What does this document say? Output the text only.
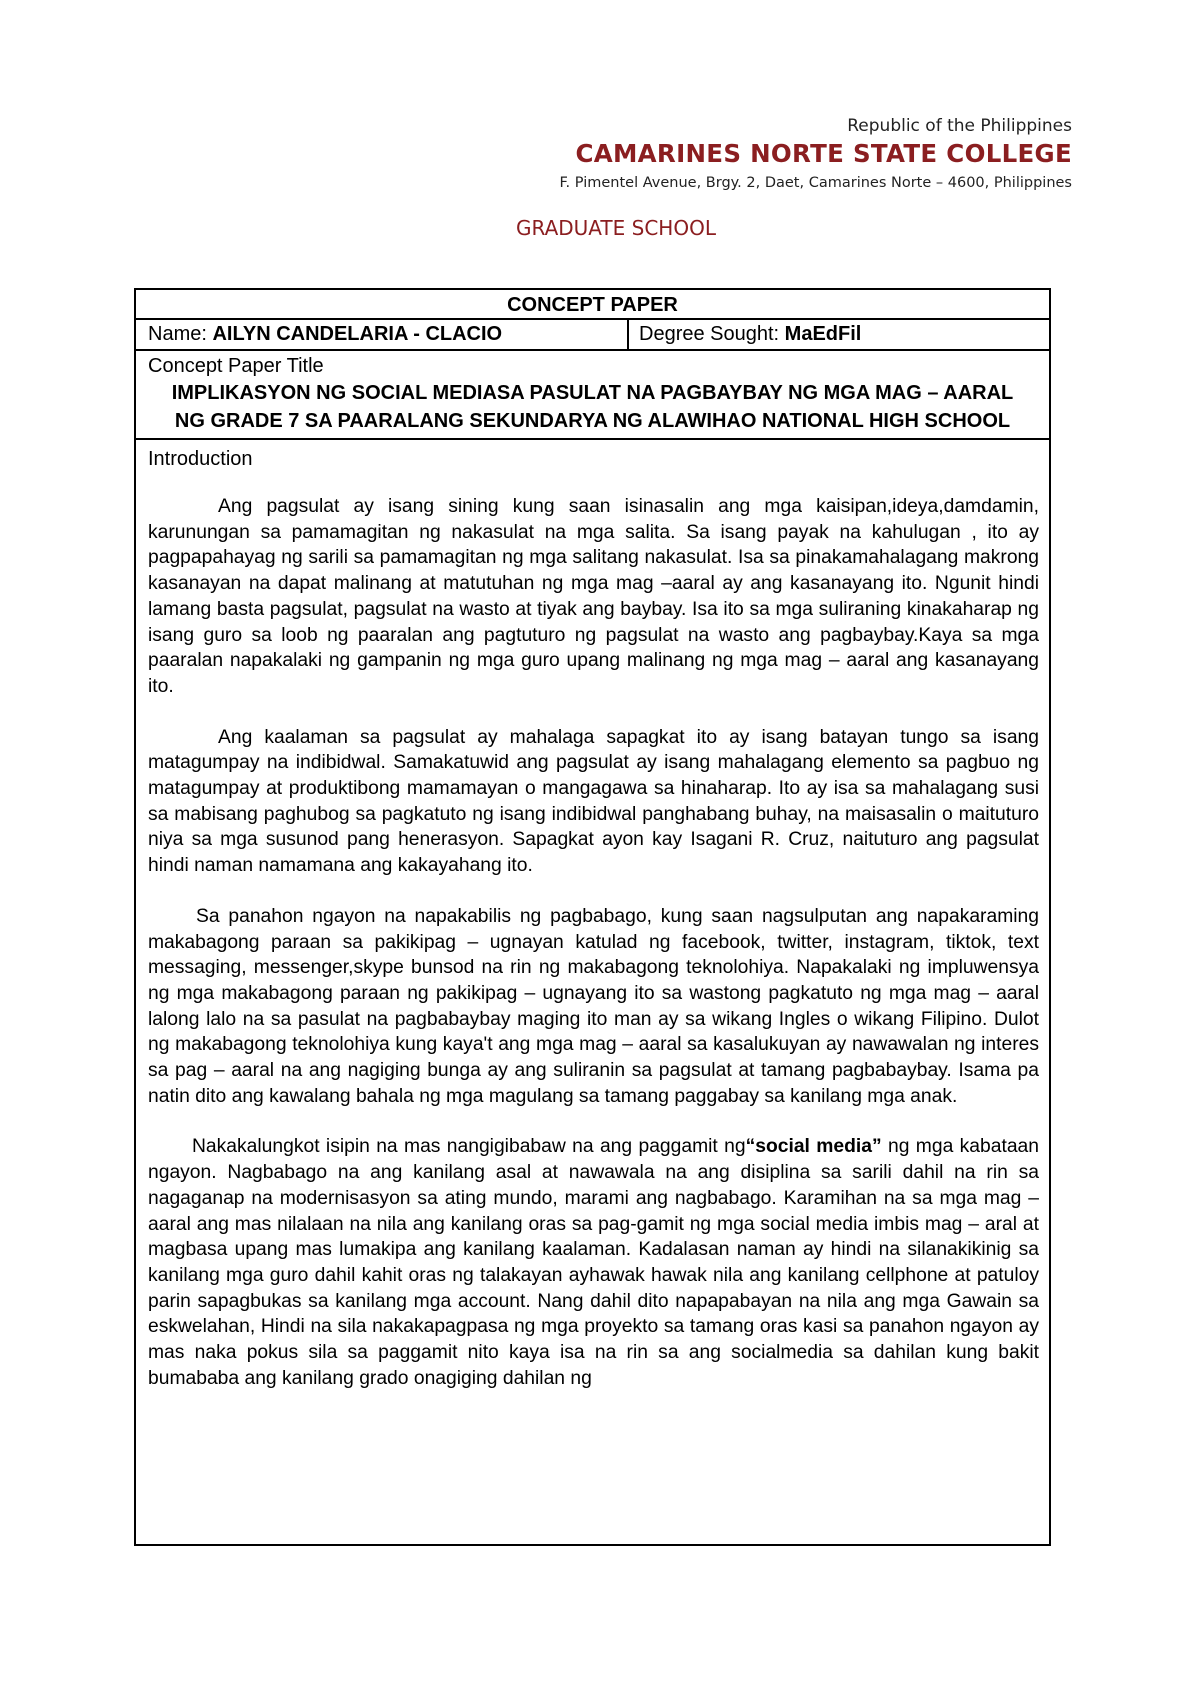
Republic of the Philippines
CAMARINES NORTE STATE COLLEGE
F. Pimentel Avenue, Brgy. 2, Daet, Camarines Norte – 4600, Philippines
GRADUATE SCHOOL
CONCEPT PAPER
Name: AILYN CANDELARIA - CLACIO	Degree Sought: MaEdFil
Concept Paper Title
IMPLIKASYON NG SOCIAL MEDIASA PASULAT NA PAGBAYBAY NG MGA MAG – AARAL NG GRADE 7 SA PAARALANG SEKUNDARYA NG ALAWIHAO NATIONAL HIGH SCHOOL
Introduction

Ang pagsulat ay isang sining kung saan isinasalin ang mga kaisipan,ideya,damdamin, karunungan sa pamamagitan ng nakasulat na mga salita. Sa isang payak na kahulugan , ito ay pagpapahayag ng sarili sa pamamagitan ng mga salitang nakasulat. Isa sa pinakamahalagang makrong kasanayan na dapat malinang at matutuhan ng mga mag –aaral ay ang kasanayang ito. Ngunit hindi lamang basta pagsulat, pagsulat na wasto at tiyak ang baybay. Isa ito sa mga suliraning kinakaharap ng isang guro sa loob ng paaralan ang pagtuturo ng pagsulat na wasto ang pagbaybay.Kaya sa mga paaralan napakalaki ng gampanin ng mga guro upang malinang ng mga mag – aaral ang kasanayang ito.

Ang kaalaman sa pagsulat ay mahalaga sapagkat ito ay isang batayan tungo sa isang matagumpay na indibidwal. Samakatuwid ang pagsulat ay isang mahalagang elemento sa pagbuo ng matagumpay at produktibong mamamayan o mangagawa sa hinaharap. Ito ay isa sa mahalagang susi sa mabisang paghubog sa pagkatuto ng isang indibidwal panghabang buhay, na maisasalin o maituturo niya sa mga susunod pang henerasyon. Sapagkat ayon kay Isagani R. Cruz, naituturo ang pagsulat hindi naman namamana ang kakayahang ito.

Sa panahon ngayon na napakabilis ng pagbabago, kung saan nagsulputan ang napakaraming makabagong paraan sa pakikipag – ugnayan katulad ng facebook, twitter, instagram, tiktok, text messaging, messenger,skype bunsod na rin ng makabagong teknolohiya. Napakalaki ng impluwensya ng mga makabagong paraan ng pakikipag – ugnayang ito sa wastong pagkatuto ng mga mag – aaral lalong lalo na sa pasulat na pagbabaybay maging ito man ay sa wikang Ingles o wikang Filipino. Dulot ng makabagong teknolohiya kung kaya't ang mga mag – aaral sa kasalukuyan ay nawawalan ng interes sa pag – aaral na ang nagiging bunga ay ang suliranin sa pagsulat at tamang pagbabaybay. Isama pa natin dito ang kawalang bahala ng mga magulang sa tamang paggabay sa kanilang mga anak.

Nakakalungkot isipin na mas nangigibabaw na ang paggamit ng“social media” ng mga kabataan ngayon. Nagbabago na ang kanilang asal at nawawala na ang disiplina sa sarili dahil na rin sa nagaganap na modernisasyon sa ating mundo, marami ang nagbabago. Karamihan na sa mga mag – aaral ang mas nilalaan na nila ang kanilang oras sa pag-gamit ng mga social media imbis mag – aral at magbasa upang mas lumakipa ang kanilang kaalaman. Kadalasan naman ay hindi na silanakikinig sa kanilang mga guro dahil kahit oras ng talakayan ayhawak hawak nila ang kanilang cellphone at patuloy parin sapagbukas sa kanilang mga account. Nang dahil dito napapabayan na nila ang mga Gawain sa eskwelahan, Hindi na sila nakakapagpasa ng mga proyekto sa tamang oras kasi sa panahon ngayon ay mas naka pokus sila sa paggamit nito kaya isa na rin sa ang socialmedia sa dahilan kung bakit bumababa ang kanilang grado onagiging dahilan ng
